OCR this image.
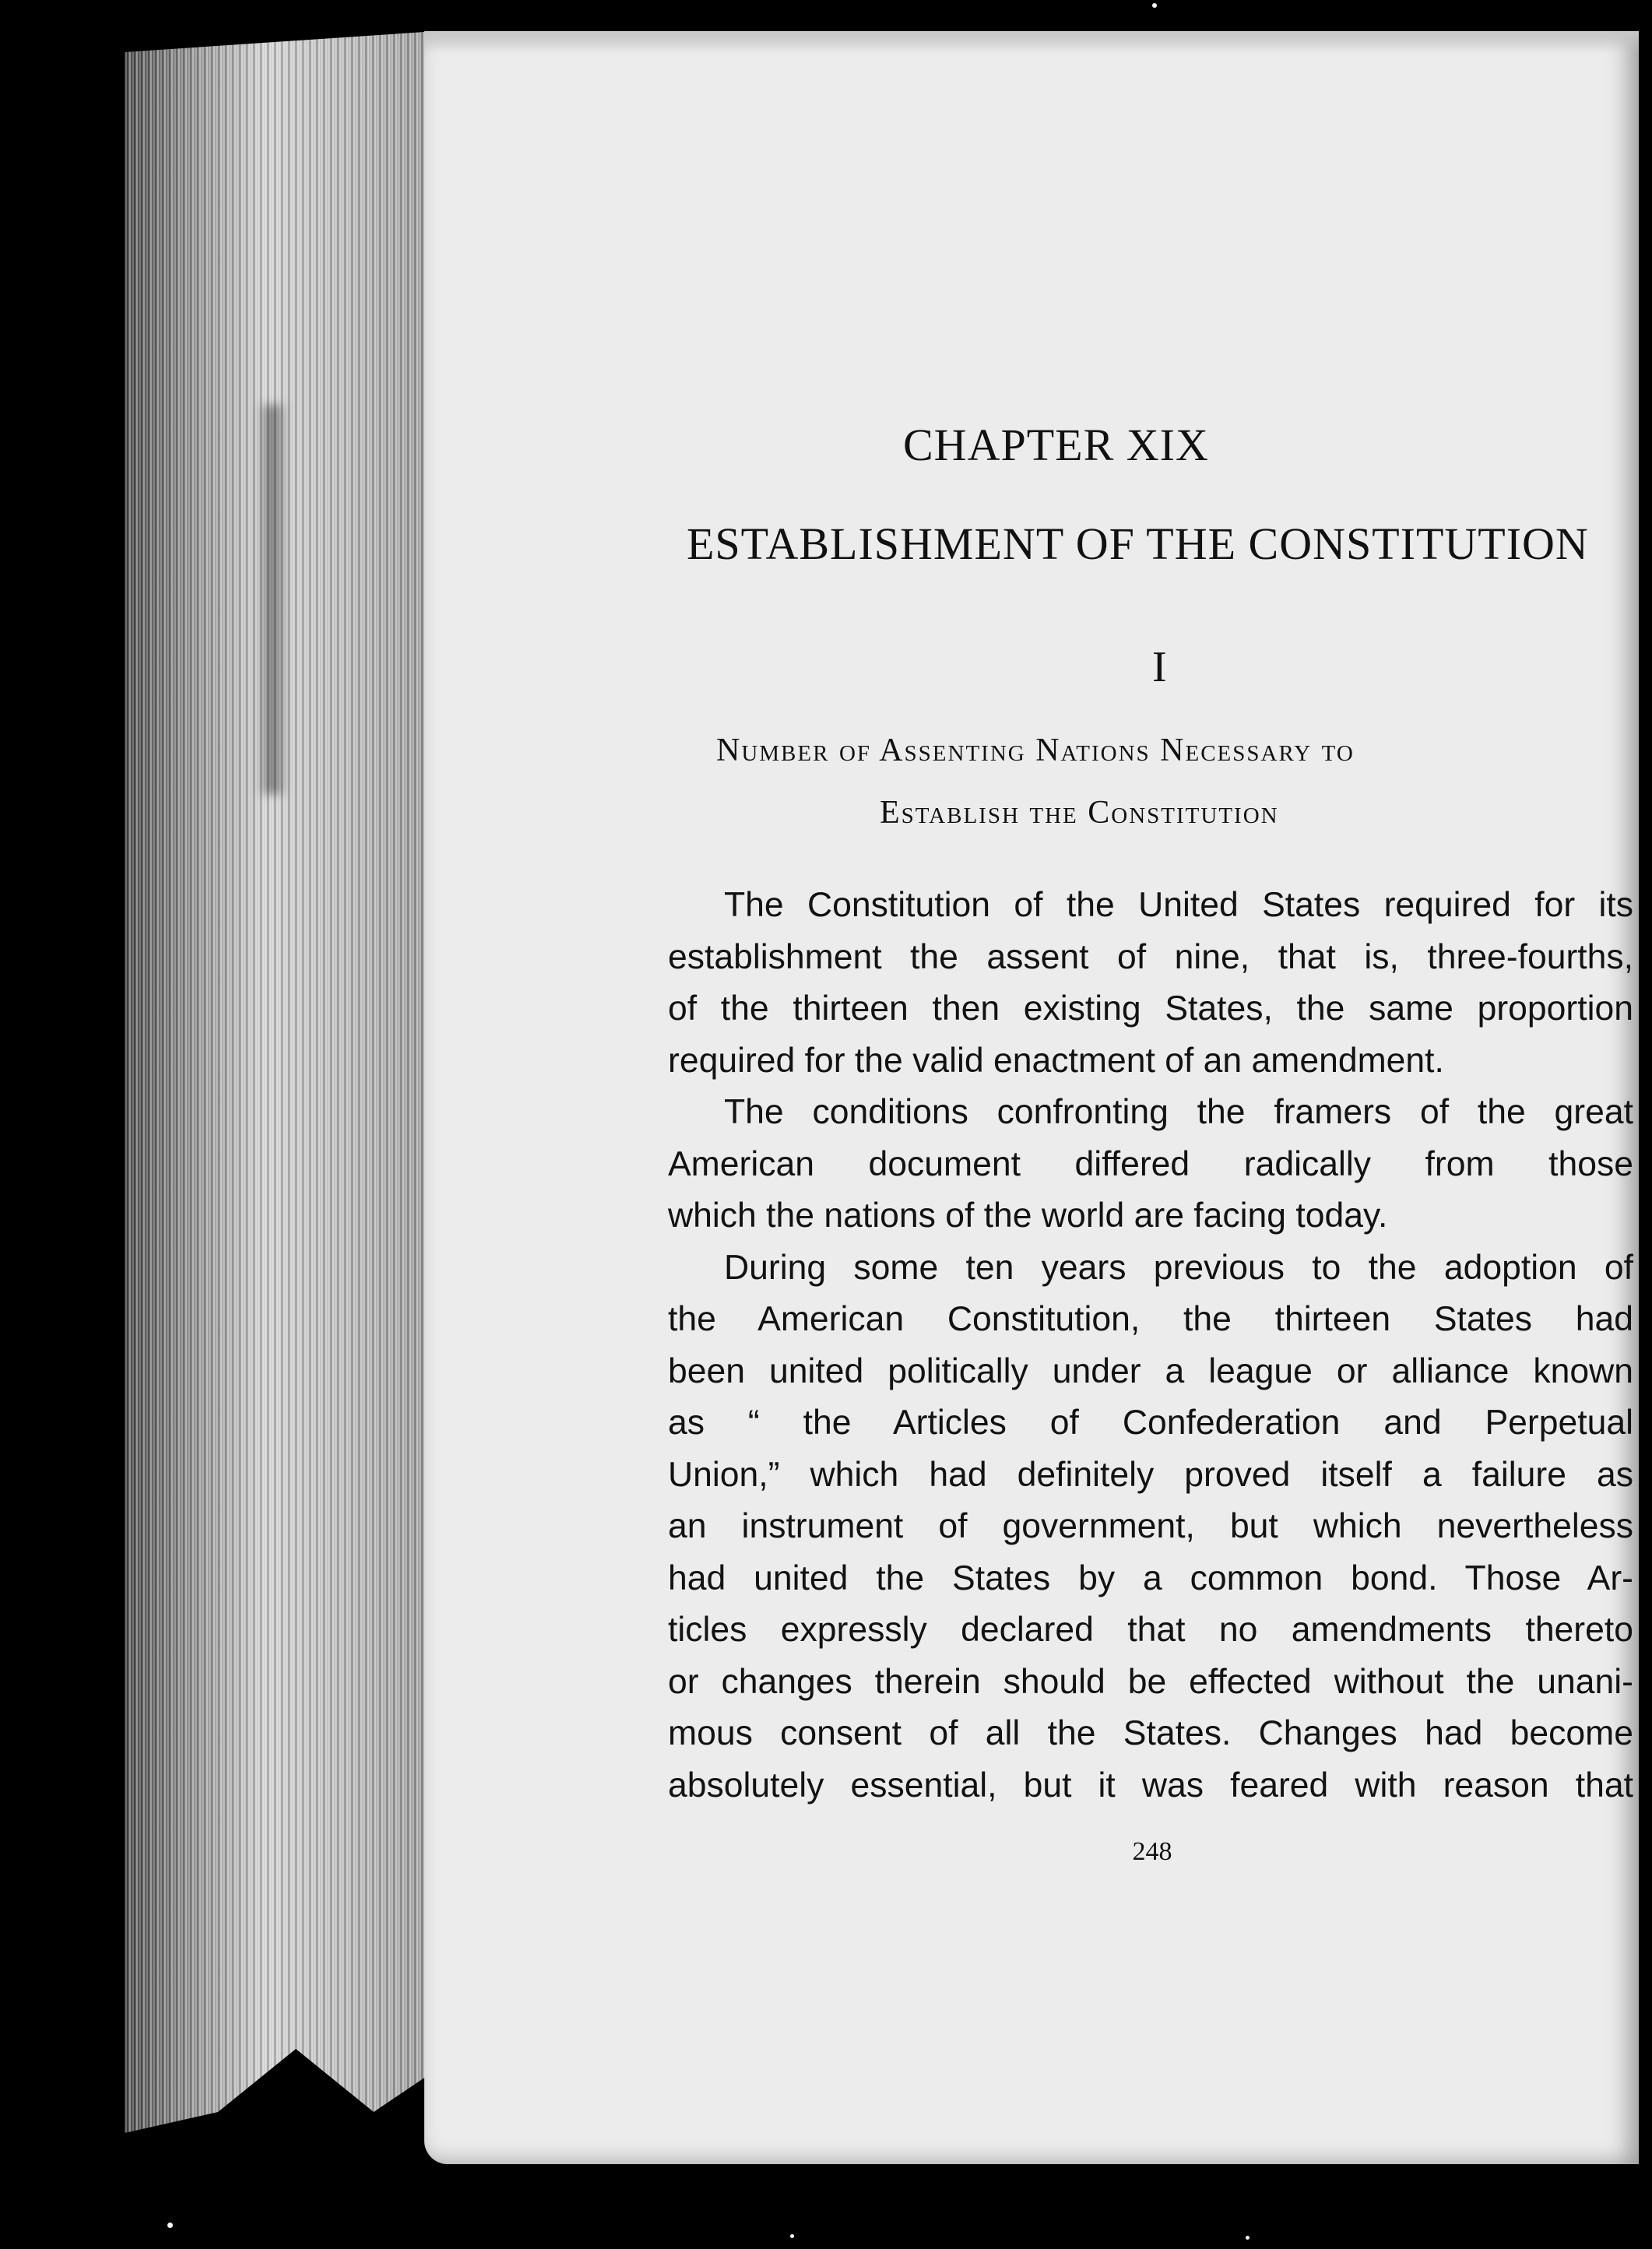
CHAPTER XIX
ESTABLISHMENT OF THE CONSTITUTION
I
Number of Assenting Nations Necessary to
Establish the Constitution
The Constitution of the United States required for its
establishment the assent of nine, that is, three-fourths,
of the thirteen then existing States, the same proportion
required for the valid enactment of an amendment.
The conditions confronting the framers of the great
American document differed radically from those
which the nations of the world are facing today.
During some ten years previous to the adoption of
the American Constitution, the thirteen States had
been united politically under a league or alliance known
as “ the Articles of Confederation and Perpetual
Union,” which had definitely proved itself a failure as
an instrument of government, but which nevertheless
had united the States by a common bond. Those Ar-
ticles expressly declared that no amendments thereto
or changes therein should be effected without the unani-
mous consent of all the States. Changes had become
absolutely essential, but it was feared with reason that
248
